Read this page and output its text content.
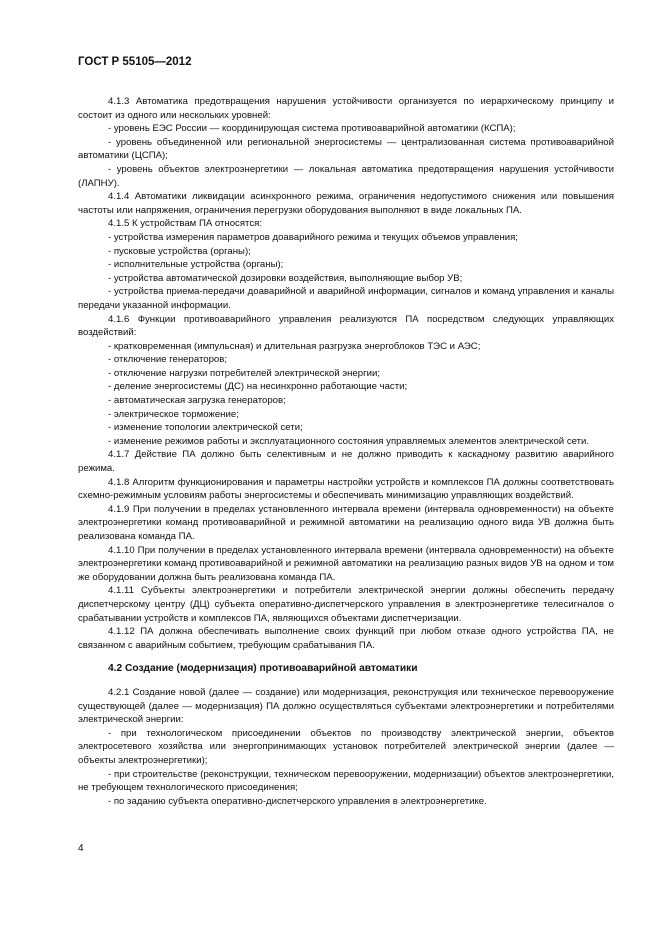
ГОСТ Р 55105—2012

4.1.3 Автоматика предотвращения нарушения устойчивости организуется по иерархическому принципу и состоит из одного или нескольких уровней:

- уровень ЕЭС России — координирующая система противоаварийной автоматики (КСПА);

- уровень объединенной или региональной энергосистемы — централизованная система противоаварийной автоматики (ЦСПА);

- уровень объектов электроэнергетики — локальная автоматика предотвращения нарушения устойчивости (ЛАПНУ).

4.1.4 Автоматики ликвидации асинхронного режима, ограничения недопустимого снижения или повышения частоты или напряжения, ограничения перегрузки оборудования выполняют в виде локальных ПА.

4.1.5 К устройствам ПА относятся:

- устройства измерения параметров доаварийного режима и текущих объемов управления;

- пусковые устройства (органы);

- исполнительные устройства (органы);

- устройства автоматической дозировки воздействия, выполняющие выбор УВ;

- устройства приема-передачи доаварийной и аварийной информации, сигналов и команд управления и каналы передачи указанной информации.

4.1.6 Функции противоаварийного управления реализуются ПА посредством следующих управляющих воздействий:

- кратковременная (импульсная) и длительная разгрузка энергоблоков ТЭС и АЭС;

- отключение генераторов;

- отключение нагрузки потребителей электрической энергии;

- деление энергосистемы (ДС) на несинхронно работающие части;

- автоматическая загрузка генераторов;

- электрическое торможение;

- изменение топологии электрической сети;

- изменение режимов работы и эксплуатационного состояния управляемых элементов электрической сети.

4.1.7 Действие ПА должно быть селективным и не должно приводить к каскадному развитию аварийного режима.

4.1.8 Алгоритм функционирования и параметры настройки устройств и комплексов ПА должны соответствовать схемно-режимным условиям работы энергосистемы и обеспечивать минимизацию управляющих воздействий.

4.1.9 При получении в пределах установленного интервала времени (интервала одновременности) на объекте электроэнергетики команд противоаварийной и режимной автоматики на реализацию одного вида УВ должна быть реализована команда ПА.

4.1.10 При получении в пределах установленного интервала времени (интервала одновременности) на объекте электроэнергетики команд противоаварийной и режимной автоматики на реализацию разных видов УВ на одном и том же оборудовании должна быть реализована команда ПА.

4.1.11 Субъекты электроэнергетики и потребители электрической энергии должны обеспечить передачу диспетчерскому центру (ДЦ) субъекта оперативно-диспетчерского управления в электроэнергетике телесигналов о срабатывании устройств и комплексов ПА, являющихся объектами диспетчеризации.

4.1.12 ПА должна обеспечивать выполнение своих функций при любом отказе одного устройства ПА, не связанном с аварийным событием, требующим срабатывания ПА.

4.2 Создание (модернизация) противоаварийной автоматики

4.2.1 Создание новой (далее — создание) или модернизация, реконструкция или техническое перевооружение существующей (далее — модернизация) ПА должно осуществляться субъектами электроэнергетики и потребителями электрической энергии:

- при технологическом присоединении объектов по производству электрической энергии, объектов электросетевого хозяйства или энергопринимающих установок потребителей электрической энергии (далее — объекты электроэнергетики);

- при строительстве (реконструкции, техническом перевооружении, модернизации) объектов электроэнергетики, не требующем технологического присоединения;

- по заданию субъекта оперативно-диспетчерского управления в электроэнергетике.

4
